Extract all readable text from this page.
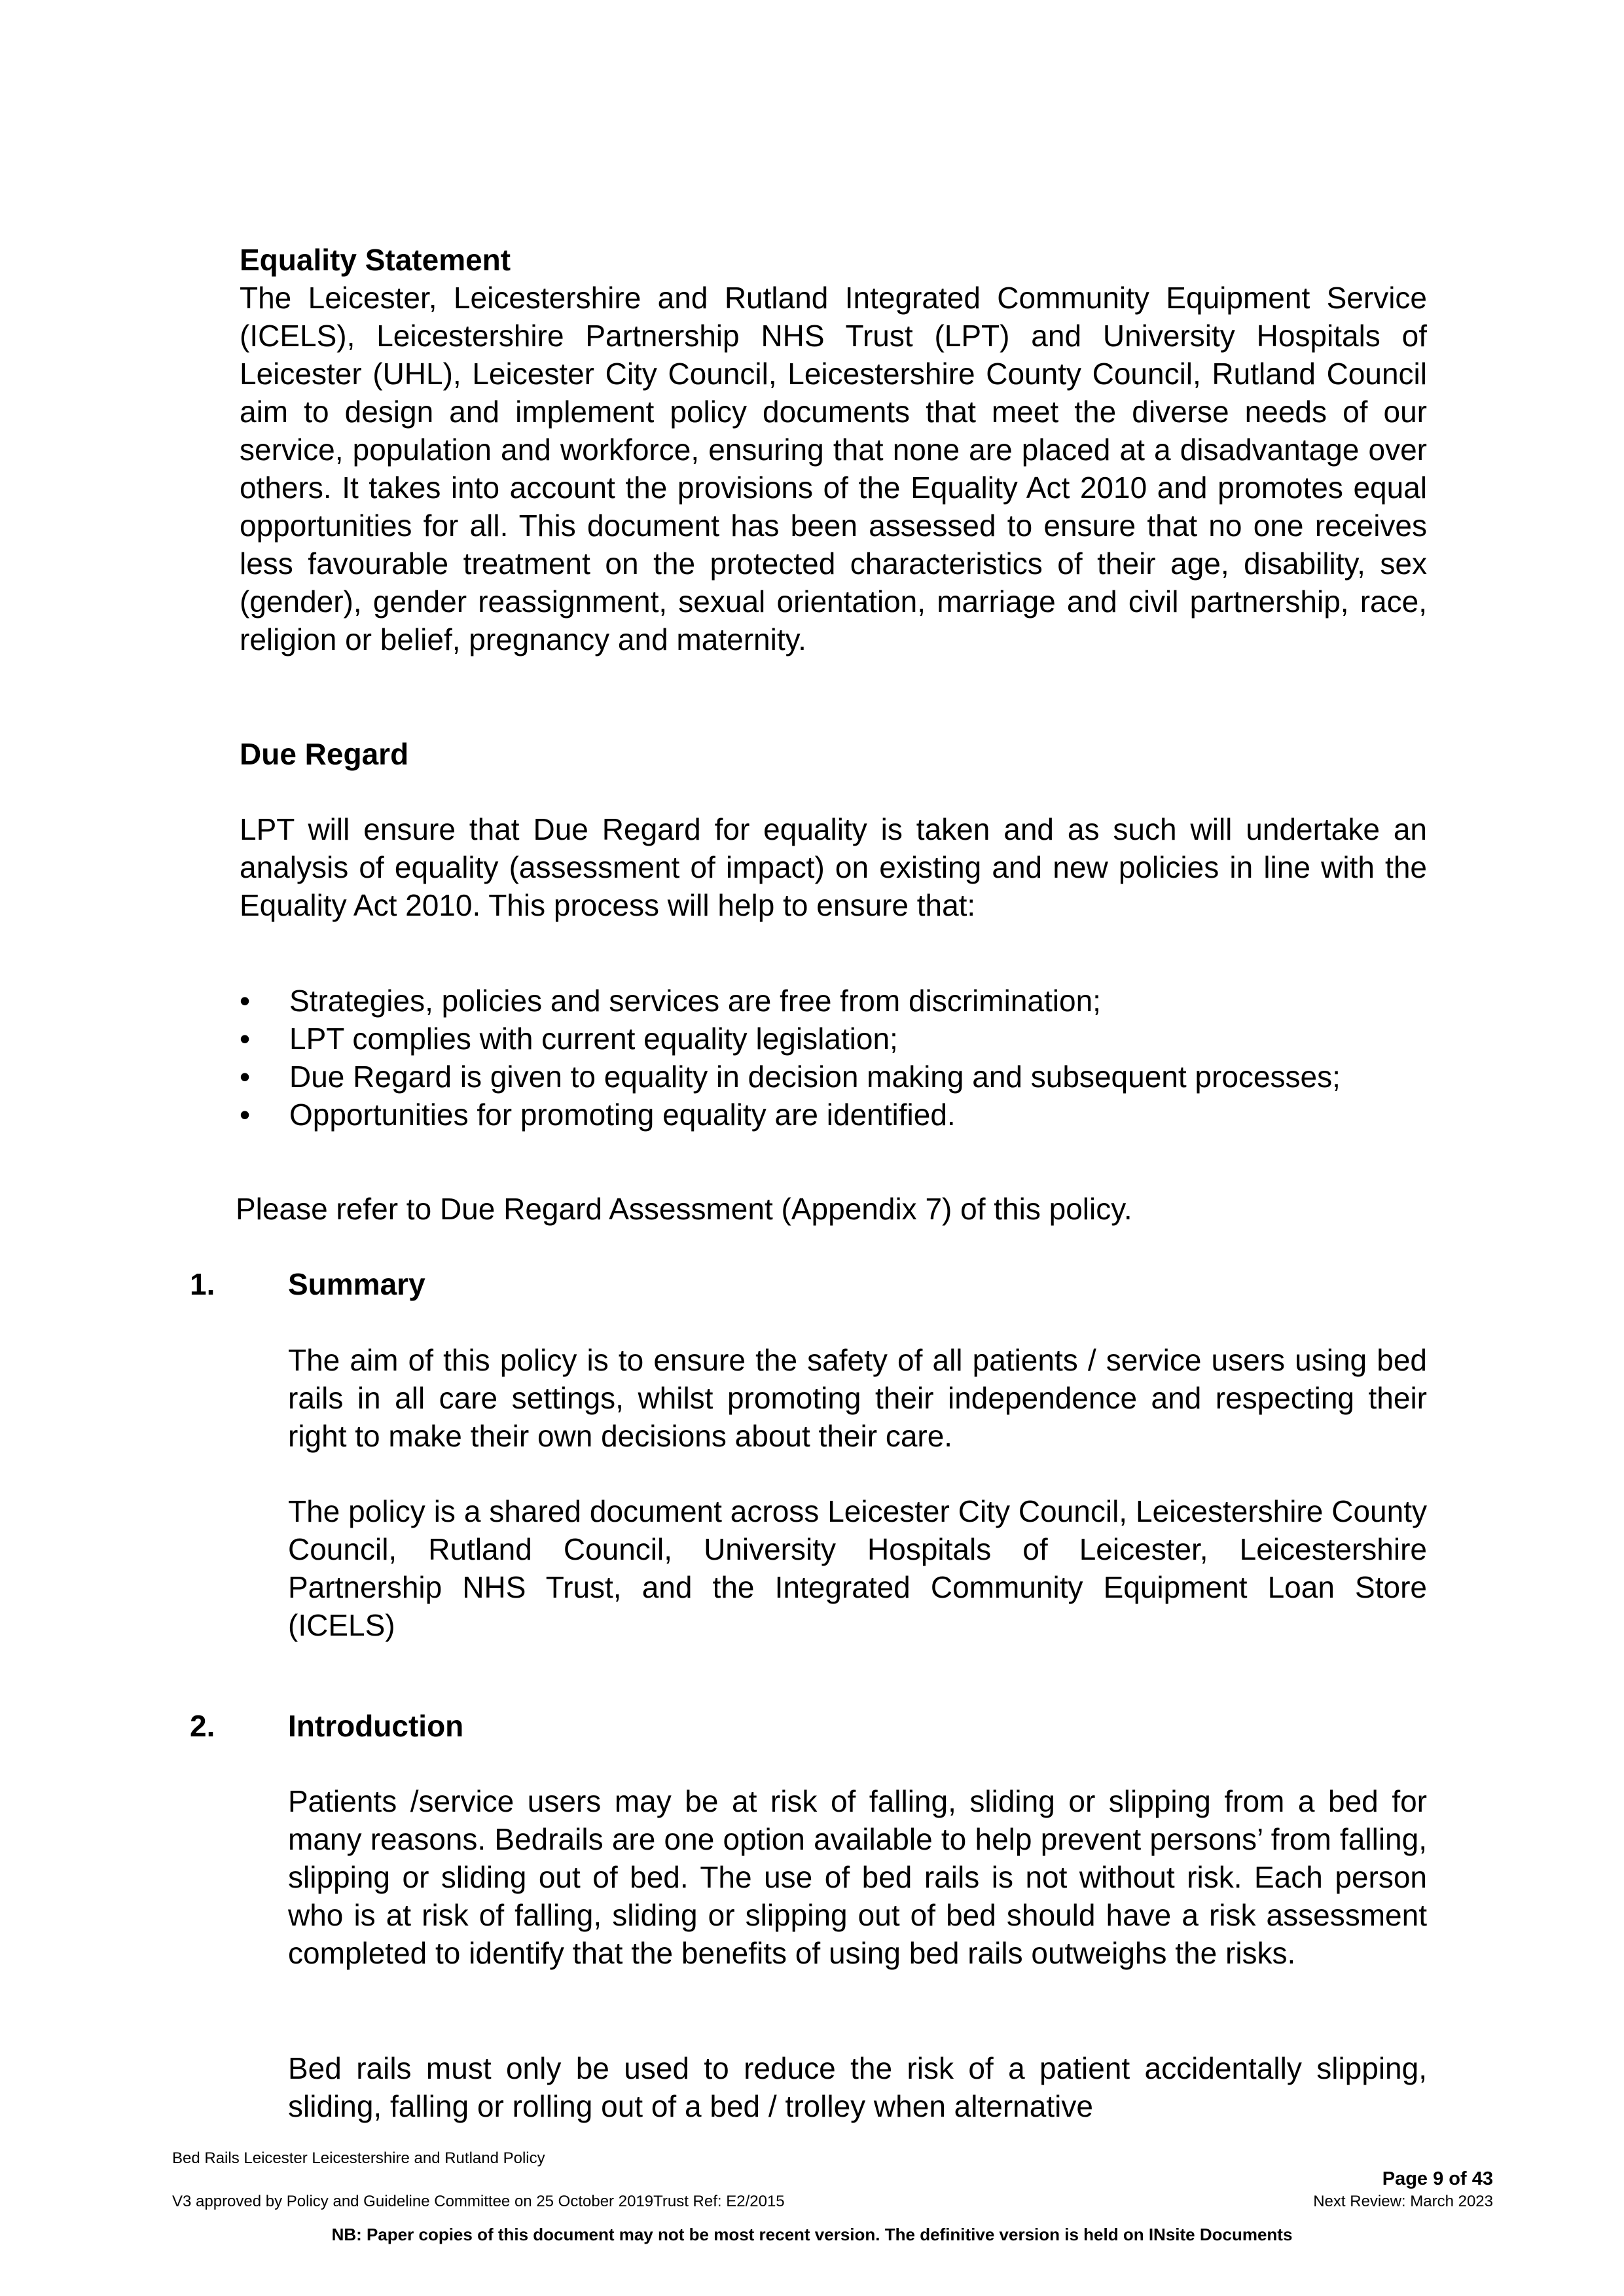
Equality Statement

The Leicester, Leicestershire and Rutland Integrated Community Equipment Service (ICELS), Leicestershire Partnership NHS Trust (LPT) and University Hospitals of Leicester (UHL), Leicester City Council, Leicestershire County Council, Rutland Council aim to design and implement policy documents that meet the diverse needs of our service, population and workforce, ensuring that none are placed at a disadvantage over others. It takes into account the provisions of the Equality Act 2010 and promotes equal opportunities for all. This document has been assessed to ensure that no one receives less favourable treatment on the protected characteristics of their age, disability, sex (gender), gender reassignment, sexual orientation, marriage and civil partnership, race, religion or belief, pregnancy and maternity.

Due Regard

LPT will ensure that Due Regard for equality is taken and as such will undertake an analysis of equality (assessment of impact) on existing and new policies in line with the Equality Act 2010. This process will help to ensure that:

•	Strategies, policies and services are free from discrimination;
•	LPT complies with current equality legislation;
•	Due Regard is given to equality in decision making and subsequent processes;
•	Opportunities for promoting equality are identified.

Please refer to Due Regard Assessment (Appendix 7) of this policy.

1. Summary

The aim of this policy is to ensure the safety of all patients / service users using bed rails in all care settings, whilst promoting their independence and respecting their right to make their own decisions about their care.

The policy is a shared document across Leicester City Council, Leicestershire County Council, Rutland Council, University Hospitals of Leicester, Leicestershire Partnership NHS Trust, and the Integrated Community Equipment Loan Store (ICELS)

2. Introduction

Patients /service users may be at risk of falling, sliding or slipping from a bed for many reasons. Bedrails are one option available to help prevent persons’ from falling, slipping or sliding out of bed. The use of bed rails is not without risk. Each person who is at risk of falling, sliding or slipping out of bed should have a risk assessment completed to identify that the benefits of using bed rails outweighs the risks.

Bed rails must only be used to reduce the risk of a patient accidentally slipping, sliding, falling or rolling out of a bed / trolley when alternative

Bed Rails Leicester Leicestershire and Rutland Policy
Page 9 of 43
V3 approved by Policy and Guideline Committee on 25 October 2019Trust Ref: E2/2015	Next Review: March 2023
NB: Paper copies of this document may not be most recent version. The definitive version is held on INsite Documents
